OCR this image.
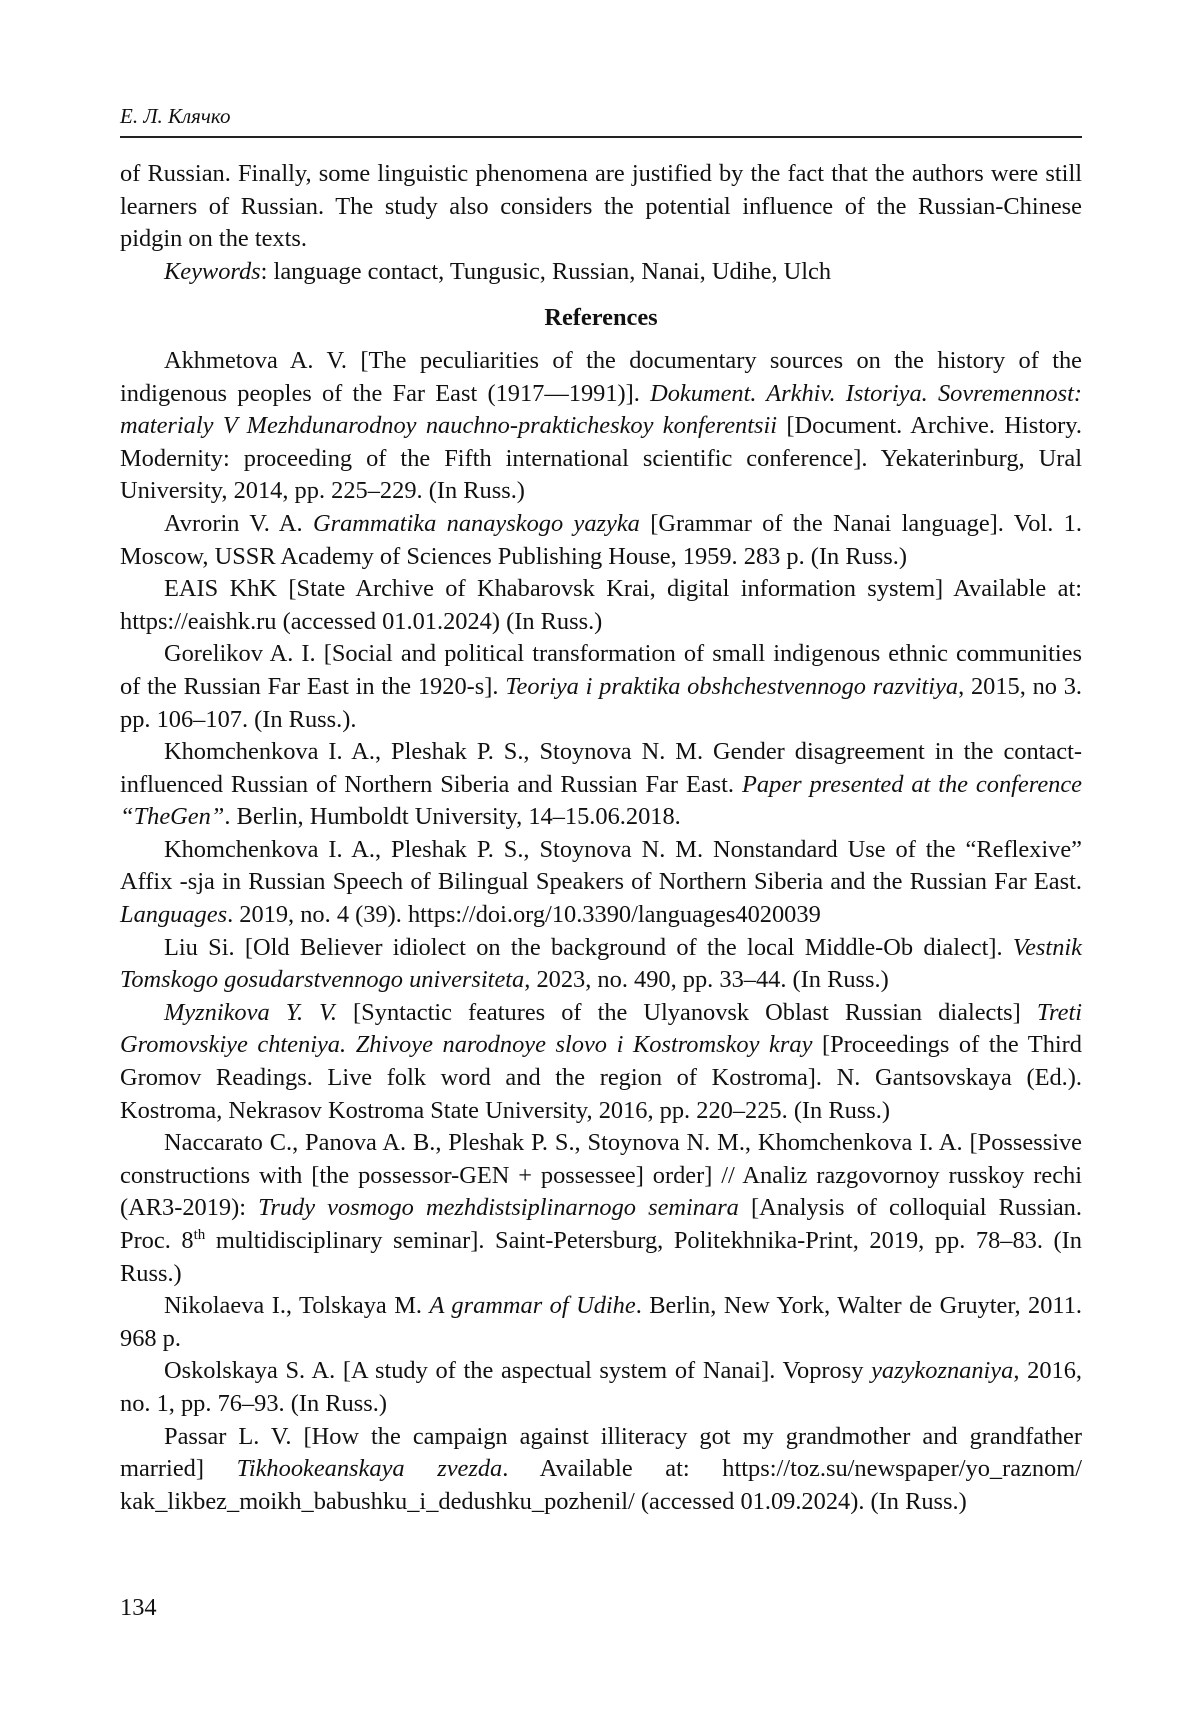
Е. Л. Клячко

of Russian. Finally, some linguistic phenomena are justified by the fact that the authors were still learners of Russian. The study also considers the potential influence of the Russian-Chinese pidgin on the texts.

Keywords: language contact, Tungusic, Russian, Nanai, Udihe, Ulch

References

Akhmetova A. V. [The peculiarities of the documentary sources on the history of the indigenous peoples of the Far East (1917—1991)]. Dokument. Arkhiv. Istoriya. Sovremennost: materialy V Mezhdunarodnoy nauchno-prakticheskoy konferentsii [Document. Archive. History. Modernity: proceeding of the Fifth international scientific conference]. Yekaterinburg, Ural University, 2014, pp. 225–229. (In Russ.)

Avrorin V. A. Grammatika nanayskogo yazyka [Grammar of the Nanai language]. Vol. 1. Moscow, USSR Academy of Sciences Publishing House, 1959. 283 p. (In Russ.)

EAIS KhK [State Archive of Khabarovsk Krai, digital information system] Available at: https://eaishk.ru (accessed 01.01.2024) (In Russ.)

Gorelikov A. I. [Social and political transformation of small indigenous ethnic communities of the Russian Far East in the 1920-s]. Teoriya i praktika obshchestvennogo razvitiya, 2015, no 3. pp. 106–107. (In Russ.).

Khomchenkova I. A., Pleshak P. S., Stoynova N. M. Gender disagreement in the contact-influenced Russian of Northern Siberia and Russian Far East. Paper presented at the conference “TheGen”. Berlin, Humboldt University, 14–15.06.2018.

Khomchenkova I. A., Pleshak P. S., Stoynova N. M. Nonstandard Use of the “Reflexive” Affix -sja in Russian Speech of Bilingual Speakers of Northern Siberia and the Russian Far East. Languages. 2019, no. 4 (39). https://doi.org/10.3390/languages4020039

Liu Si. [Old Believer idiolect on the background of the local Middle-Ob dialect]. Vestnik Tomskogo gosudarstvennogo universiteta, 2023, no. 490, pp. 33–44. (In Russ.)

Myznikova Y. V. [Syntactic features of the Ulyanovsk Oblast Russian dialects] Treti Gromovskiye chteniya. Zhivoye narodnoye slovo i Kostromskoy kray [Proceedings of the Third Gromov Readings. Live folk word and the region of Kostroma]. N. Gantsovskaya (Ed.). Kostroma, Nekrasov Kostroma State University, 2016, pp. 220–225. (In Russ.)

Naccarato C., Panova A. B., Pleshak P. S., Stoynova N. M., Khomchenkova I. A. [Possessive constructions with [the possessor-GEN + possessee] order] // Analiz razgovornoy russkoy rechi (AR3-2019): Trudy vosmogo mezhdistsiplinarnogo seminara [Analysis of colloquial Russian. Proc. 8th multidisciplinary seminar]. Saint-Petersburg, Politekhnika-Print, 2019, pp. 78–83. (In Russ.)

Nikolaeva I., Tolskaya M. A grammar of Udihe. Berlin, New York, Walter de Gruyter, 2011. 968 p.

Oskolskaya S. A. [A study of the aspectual system of Nanai]. Voprosy yazykoznaniya, 2016, no. 1, pp. 76–93. (In Russ.)

Passar L. V. [How the campaign against illiteracy got my grandmother and grandfather married] Tikhookeanskaya zvezda. Available at: https://toz.su/newspaper/yo_raznom/ kak_likbez_moikh_babushku_i_dedushku_pozhenil/ (accessed 01.09.2024). (In Russ.)

134
